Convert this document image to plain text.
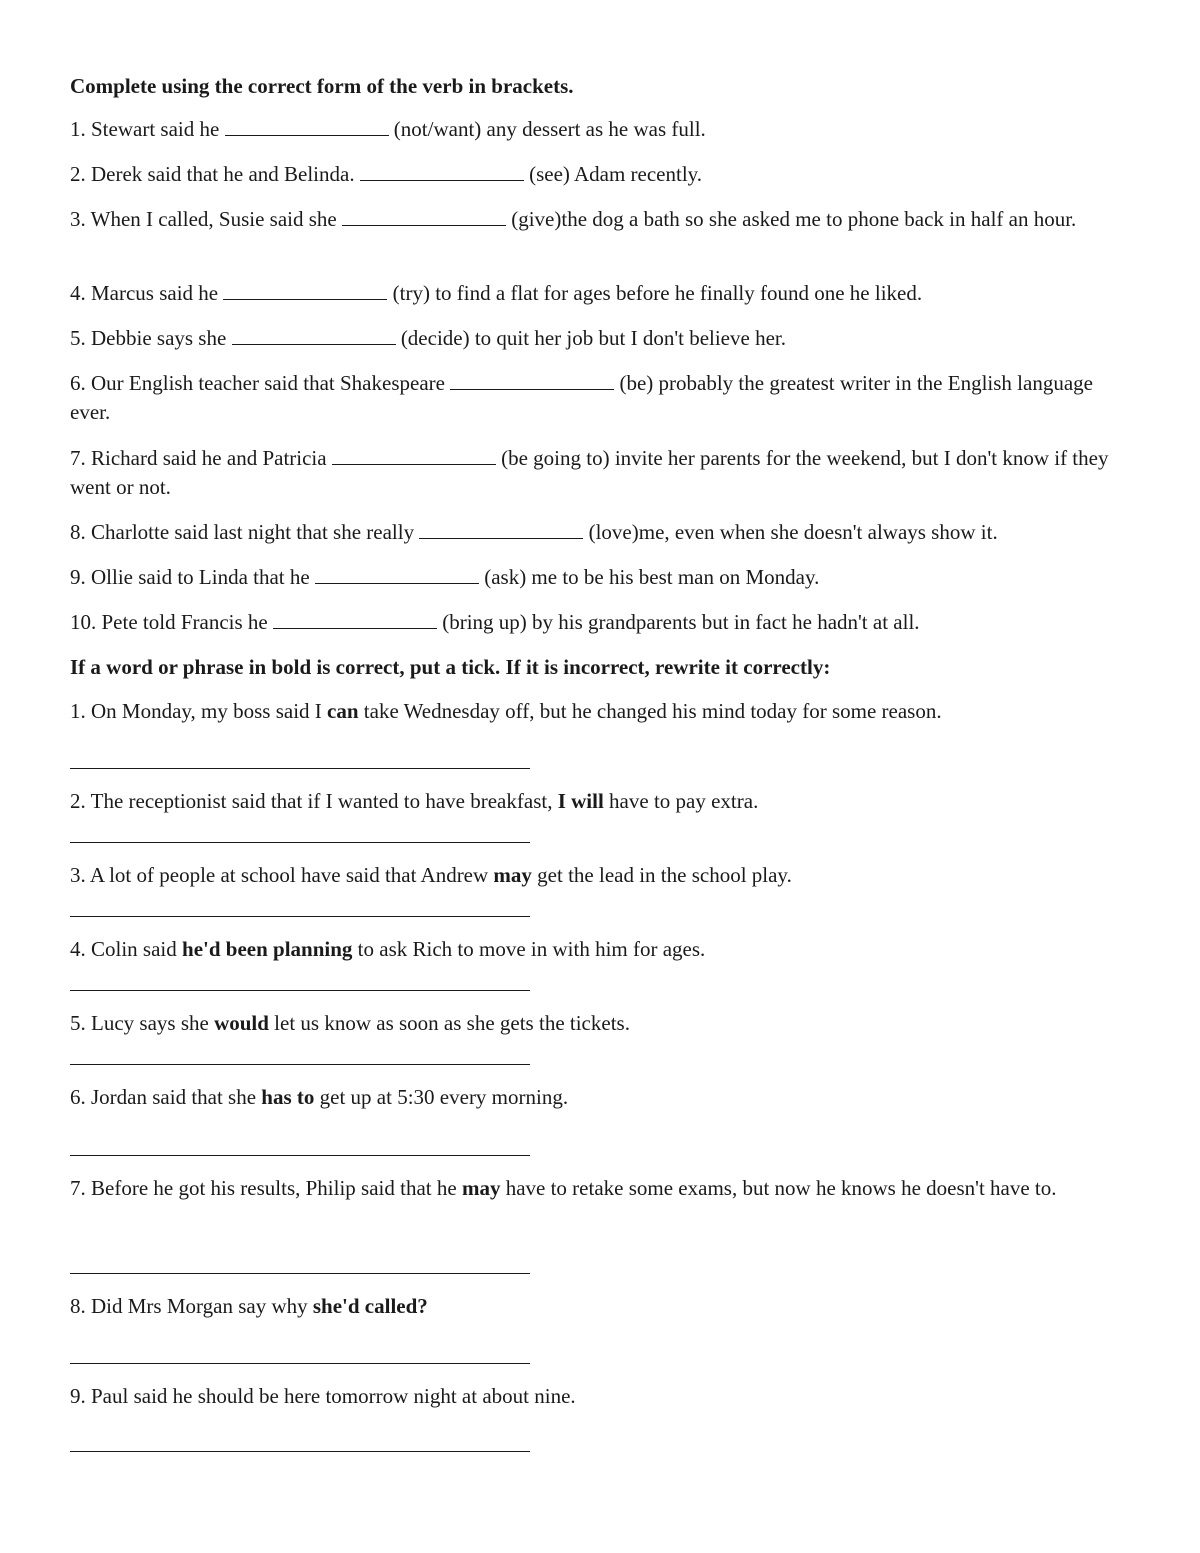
Complete using the correct form of the verb in brackets.
1. Stewart said he	(not/want) any dessert as he was full.
2. Derek said that he and Belinda.	(see) Adam recently.
3. When I called, Susie said she	(give)the dog a bath so she asked me to phone back in half an hour.
4. Marcus said he	(try) to find a flat for ages before he finally found one he liked.
5. Debbie says she	(decide) to quit her job but I don't believe her.
6. Our English teacher said that Shakespeare	(be) probably the greatest writer in the English language ever.
7. Richard said he and Patricia	(be going to) invite her parents for the weekend, but I don't know if they went or not.
8. Charlotte said last night that she really	(love)me, even when she doesn't always show it.
9. Ollie said to Linda that he	(ask) me to be his best man on Monday.
10. Pete told Francis he	(bring up) by his grandparents but in fact he hadn't at all.
If a word or phrase in bold is correct, put a tick. If it is incorrect, rewrite it correctly:
1. On Monday, my boss said I can take Wednesday off, but he changed his mind today for some reason.
2. The receptionist said that if I wanted to have breakfast, I will have to pay extra.
3. A lot of people at school have said that Andrew may get the lead in the school play.
4. Colin said he'd been planning to ask Rich to move in with him for ages.
5. Lucy says she would let us know as soon as she gets the tickets.
6. Jordan said that she has to get up at 5:30 every morning.
7. Before he got his results, Philip said that he may have to retake some exams, but now he knows he doesn't have to.
8. Did Mrs Morgan say why she'd called?
9. Paul said he should be here tomorrow night at about nine.
